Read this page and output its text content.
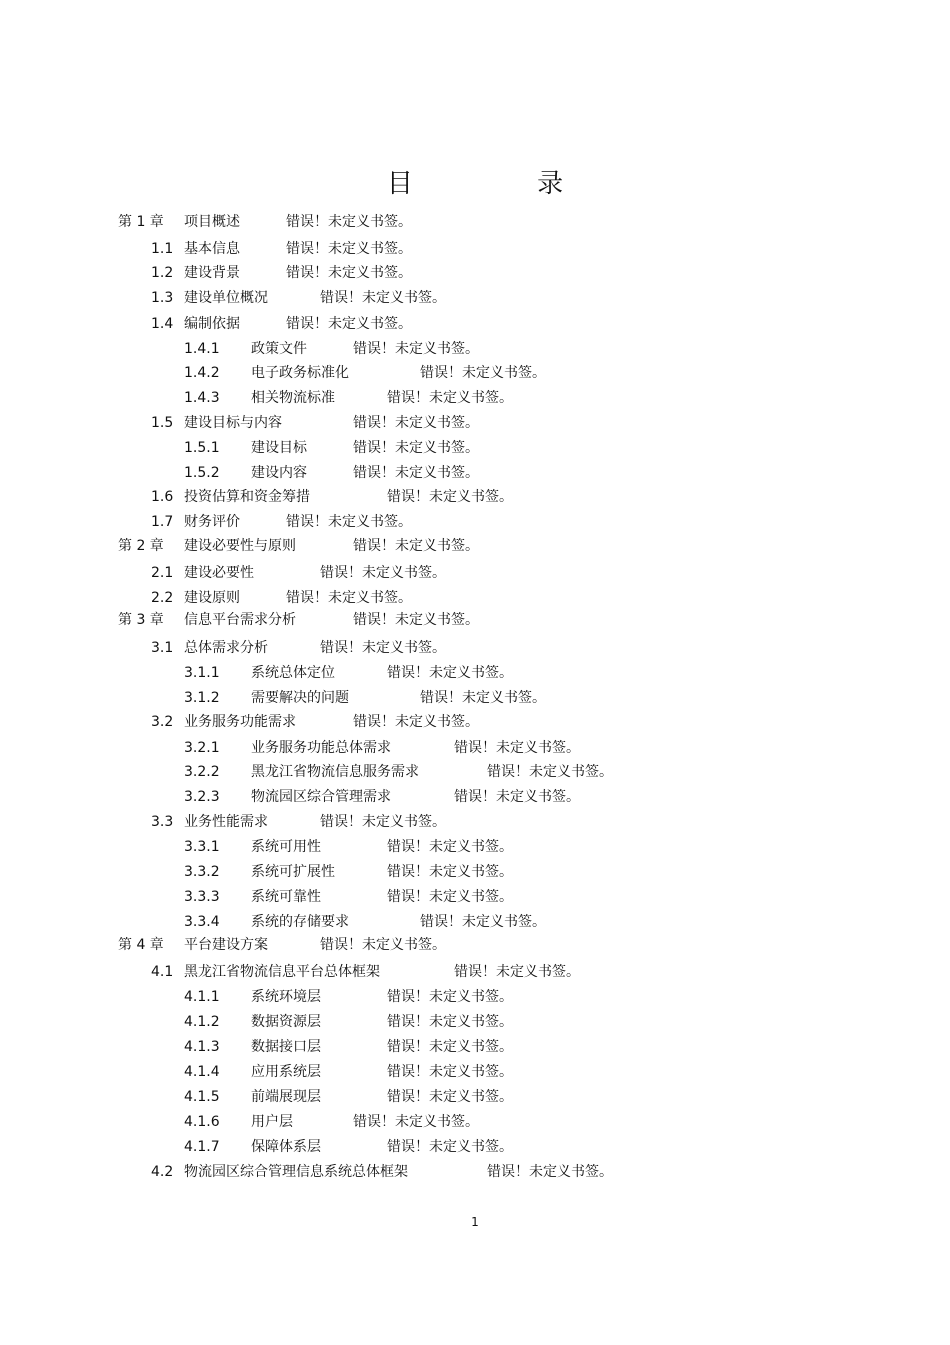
目 录
第 1 章 项目概述	错误！未定义书签。
1.1 基本信息	错误！未定义书签。
1.2 建设背景	错误！未定义书签。
1.3 建设单位概况	错误！未定义书签。
1.4 编制依据	错误！未定义书签。
1.4.1 政策文件	错误！未定义书签。
1.4.2 电子政务标准化	错误！未定义书签。
1.4.3 相关物流标准	错误！未定义书签。
1.5 建设目标与内容	错误！未定义书签。
1.5.1 建设目标	错误！未定义书签。
1.5.2 建设内容	错误！未定义书签。
1.6 投资估算和资金筹措	错误！未定义书签。
1.7 财务评价	错误！未定义书签。
第 2 章 建设必要性与原则	错误！未定义书签。
2.1 建设必要性	错误！未定义书签。
2.2 建设原则	错误！未定义书签。
第 3 章 信息平台需求分析	错误！未定义书签。
3.1 总体需求分析	错误！未定义书签。
3.1.1 系统总体定位	错误！未定义书签。
3.1.2 需要解决的问题	错误！未定义书签。
3.2 业务服务功能需求	错误！未定义书签。
3.2.1 业务服务功能总体需求	错误！未定义书签。
3.2.2 黑龙江省物流信息服务需求	错误！未定义书签。
3.2.3 物流园区综合管理需求	错误！未定义书签。
3.3 业务性能需求	错误！未定义书签。
3.3.1 系统可用性	错误！未定义书签。
3.3.2 系统可扩展性	错误！未定义书签。
3.3.3 系统可靠性	错误！未定义书签。
3.3.4 系统的存储要求	错误！未定义书签。
第 4 章 平台建设方案	错误！未定义书签。
4.1 黑龙江省物流信息平台总体框架	错误！未定义书签。
4.1.1 系统环境层	错误！未定义书签。
4.1.2 数据资源层	错误！未定义书签。
4.1.3 数据接口层	错误！未定义书签。
4.1.4 应用系统层	错误！未定义书签。
4.1.5 前端展现层	错误！未定义书签。
4.1.6 用户层	错误！未定义书签。
4.1.7 保障体系层	错误！未定义书签。
4.2 物流园区综合管理信息系统总体框架	错误！未定义书签。
1
